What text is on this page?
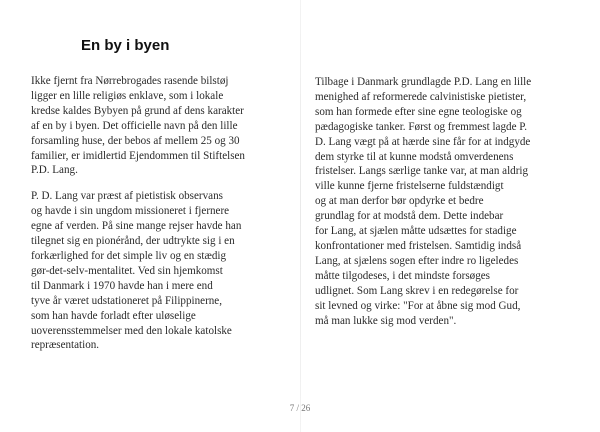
En by i byen

Ikke fjernt fra Nørrebrogades rasende bilstøj
ligger en lille religiøs enklave, som i lokale
kredse kaldes Bybyen på grund af dens karakter
af en by i byen. Det officielle navn på den lille
forsamling huse, der bebos af mellem 25 og 30
familier, er imidlertid Ejendommen til Stiftelsen
P.D. Lang.

P. D. Lang var præst af pietistisk observans
og havde i sin ungdom missioneret i fjernere
egne af verden. På sine mange rejser havde han
tilegnet sig en pionérånd, der udtrykte sig i en
forkærlighed for det simple liv og en stædig
gør-det-selv-mentalitet. Ved sin hjemkomst
til Danmark i 1970 havde han i mere end
tyve år været udstationeret på Filippinerne,
som han havde forladt efter uløselige
uoverensstemmelser med den lokale katolske
repræsentation.

Tilbage i Danmark grundlagde P.D. Lang en lille
menighed af reformerede calvinistiske pietister,
som han formede efter sine egne teologiske og
pædagogiske tanker. Først og fremmest lagde P.
D. Lang vægt på at hærde sine får for at indgyde
dem styrke til at kunne modstå omverdenens
fristelser. Langs særlige tanke var, at man aldrig
ville kunne fjerne fristelserne fuldstændigt
og at man derfor bør opdyrke et bedre
grundlag for at modstå dem. Dette indebar
for Lang, at sjælen måtte udsættes for stadige
konfrontationer med fristelsen. Samtidig indså
Lang, at sjælens sogen efter indre ro ligeledes
måtte tilgodeses, i det mindste forsøges
udlignet. Som Lang skrev i en redegørelse for
sit levned og virke: "For at åbne sig mod Gud,
må man lukke sig mod verden".

7 / 26
